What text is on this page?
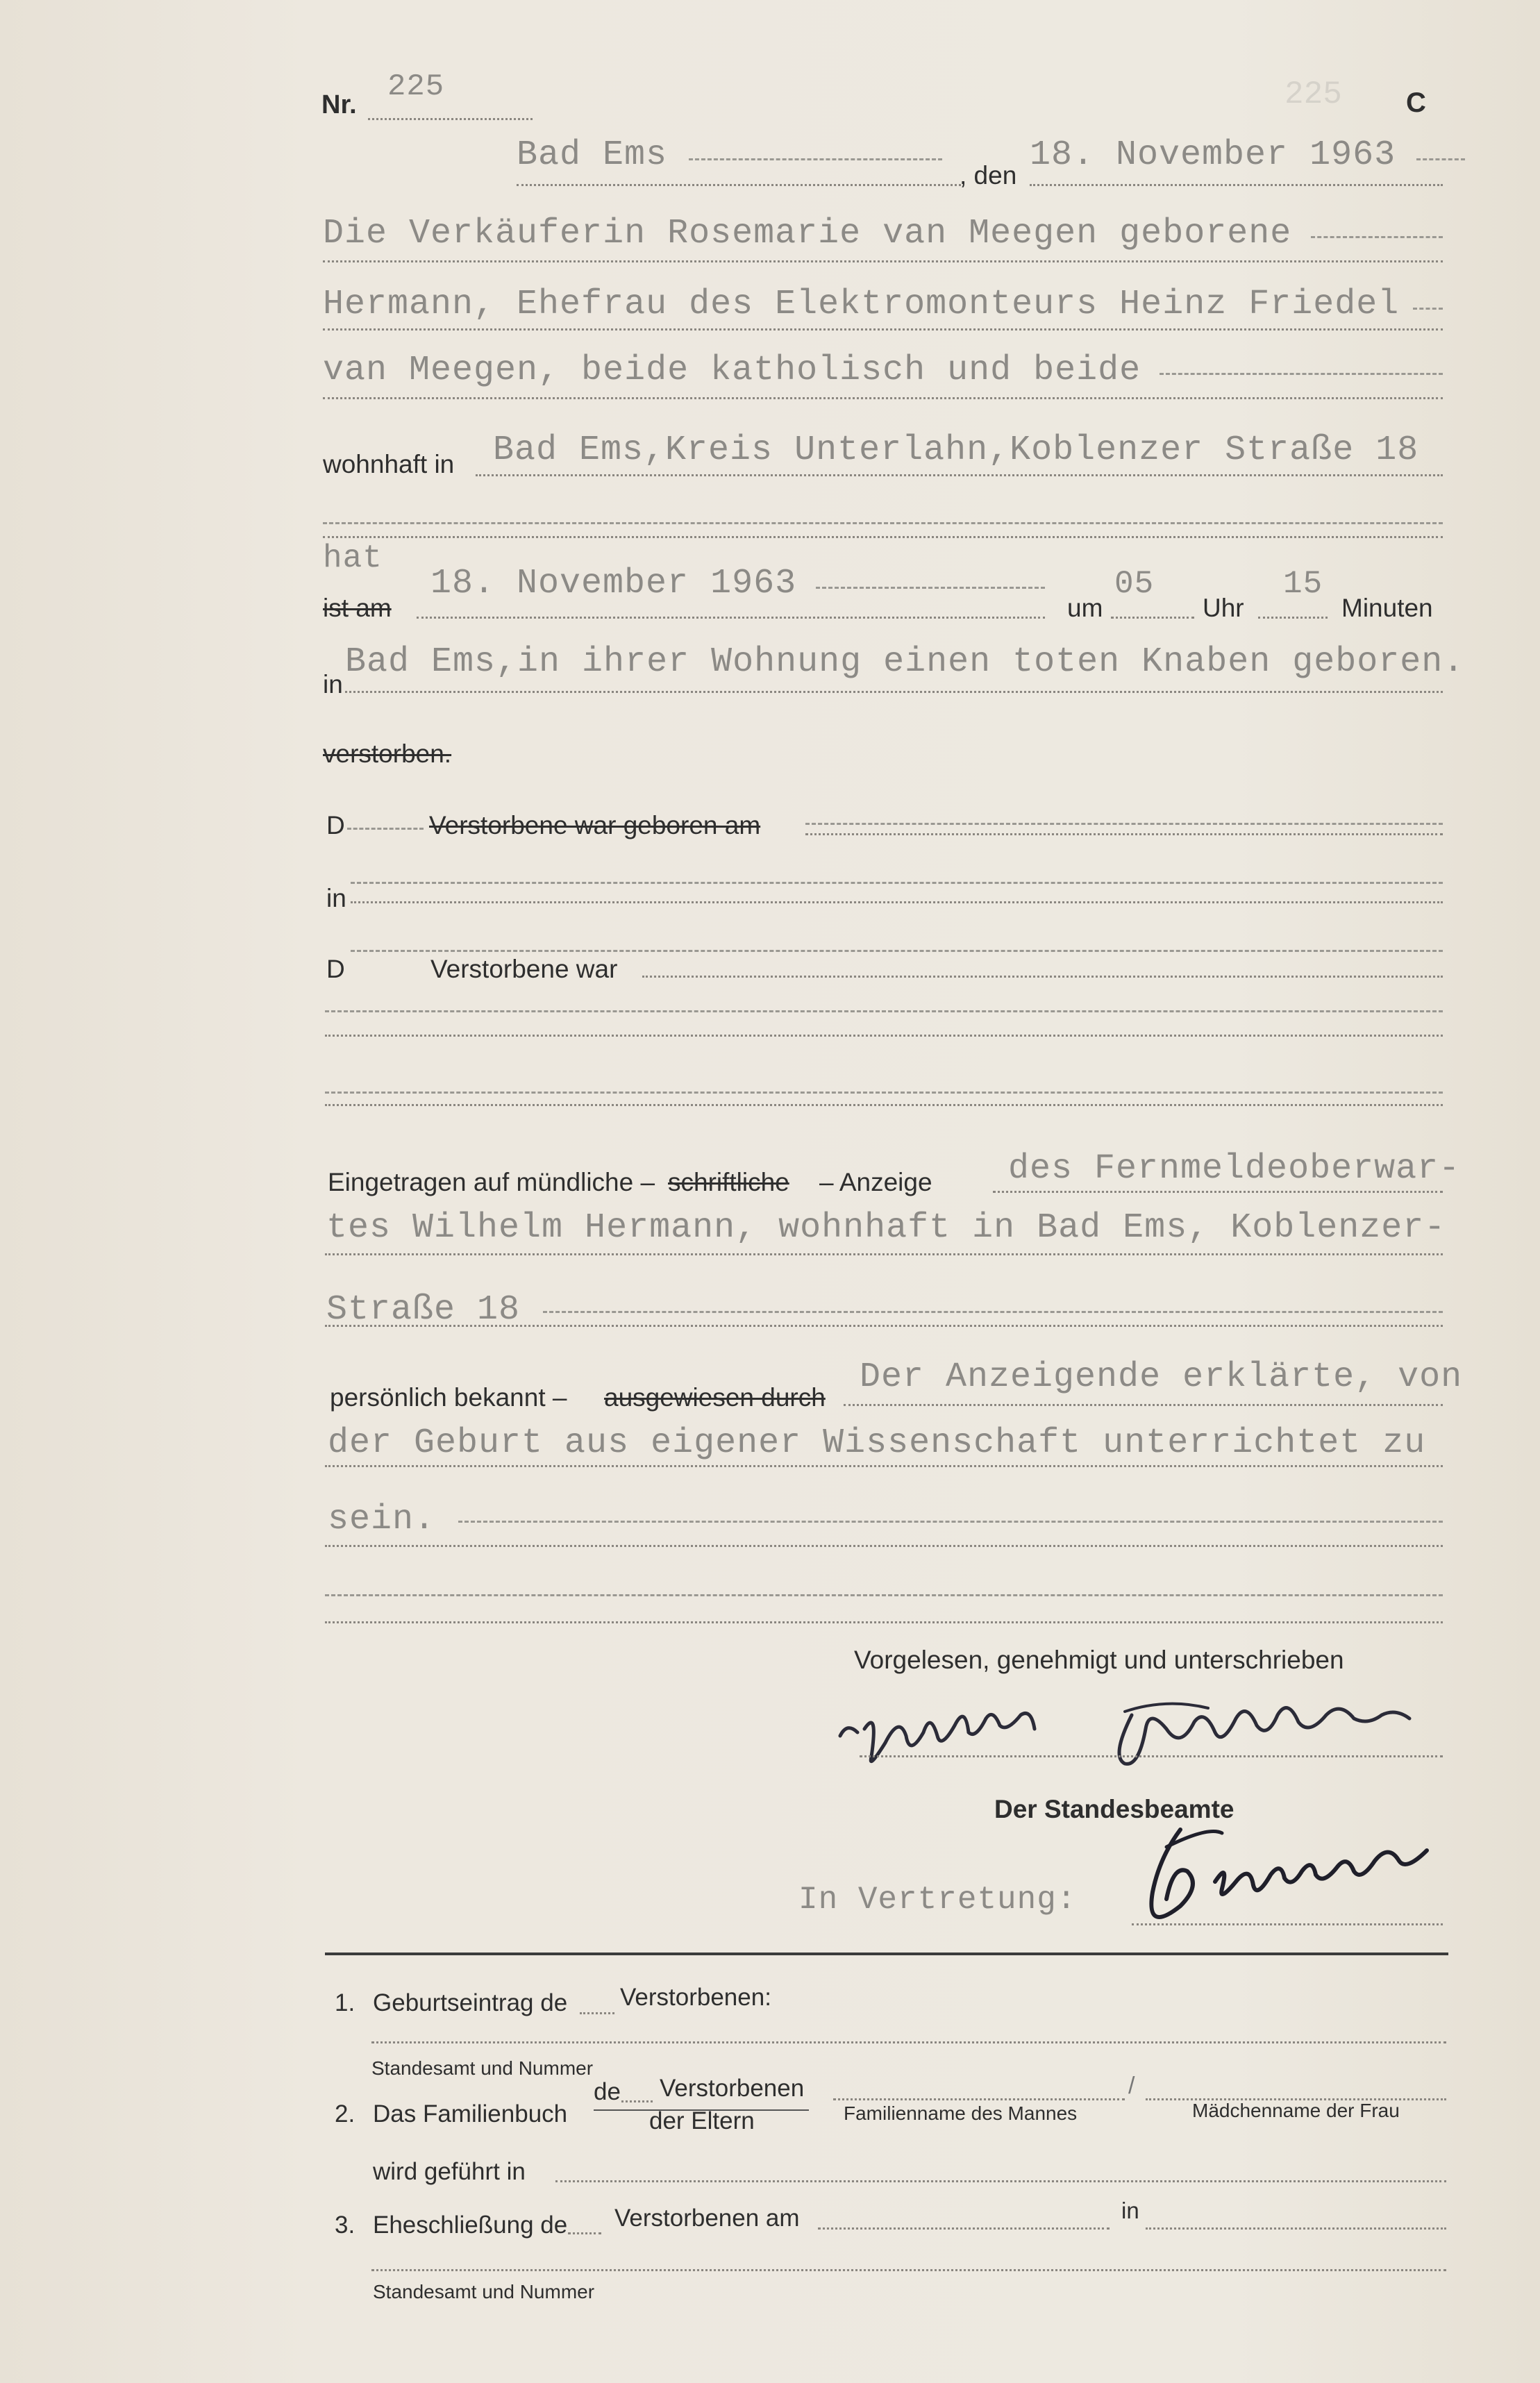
225
Nr.
225	C
Bad Ems
, den
18. November 1963
Die Verkäuferin Rosemarie van Meegen geborene
Hermann, Ehefrau des Elektromonteurs Heinz Friedel
van Meegen, beide katholisch und beide
wohnhaft in Bad Ems,Kreis Unterlahn,Koblenzer Straße 18
hat
ist am
18. November 1963
um
05
Uhr
15
Minuten
in
Bad Ems,in ihrer Wohnung einen toten Knaben geboren.
verstorben.
D	Verstorbene war geboren am
in
D	Verstorbene war
Eingetragen auf mündliche – schriftliche – Anzeige des Fernmeldeoberwar-
tes Wilhelm Hermann, wohnhaft in Bad Ems, Koblenzer-
Straße 18
persönlich bekannt – ausgewiesen durch
Der Anzeigende erklärte, von
der Geburt aus eigener Wissenschaft unterrichtet zu
sein.
Vorgelesen, genehmigt und unterschrieben
Der Standesbeamte
In Vertretung:
1. Geburtseintrag de Verstorbenen:
Standesamt und Nummer
2. Das Familienbuch
de Verstorbenen
der Eltern	Familienname des Mannes
/
Mädchenname der Frau
wird geführt in
3. Eheschließung de Verstorbenen am	in
Standesamt und Nummer
